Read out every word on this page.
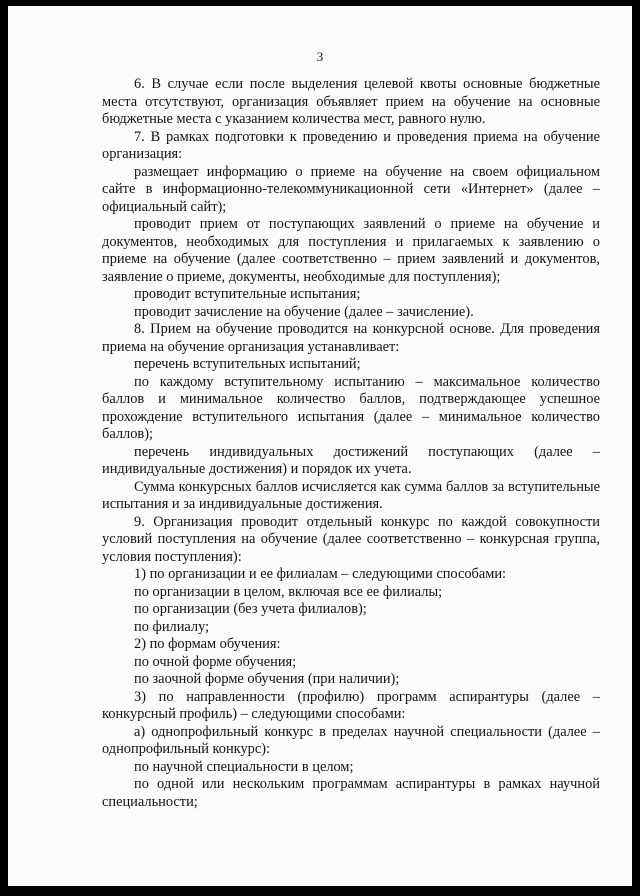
3

6. В случае если после выделения целевой квоты основные бюджетные места отсутствуют, организация объявляет прием на обучение на основные бюджетные места с указанием количества мест, равного нулю.

7. В рамках подготовки к проведению и проведения приема на обучение организация:

размещает информацию о приеме на обучение на своем официальном сайте в информационно-телекоммуникационной сети «Интернет» (далее – официальный сайт);

проводит прием от поступающих заявлений о приеме на обучение и документов, необходимых для поступления и прилагаемых к заявлению о приеме на обучение (далее соответственно – прием заявлений и документов, заявление о приеме, документы, необходимые для поступления);

проводит вступительные испытания;

проводит зачисление на обучение (далее – зачисление).

8. Прием на обучение проводится на конкурсной основе. Для проведения приема на обучение организация устанавливает:

перечень вступительных испытаний;

по каждому вступительному испытанию – максимальное количество баллов и минимальное количество баллов, подтверждающее успешное прохождение вступительного испытания (далее – минимальное количество баллов);

перечень индивидуальных достижений поступающих (далее – индивидуальные достижения) и порядок их учета.

Сумма конкурсных баллов исчисляется как сумма баллов за вступительные испытания и за индивидуальные достижения.

9. Организация проводит отдельный конкурс по каждой совокупности условий поступления на обучение (далее соответственно – конкурсная группа, условия поступления):

1) по организации и ее филиалам – следующими способами:

по организации в целом, включая все ее филиалы;

по организации (без учета филиалов);

по филиалу;

2) по формам обучения:

по очной форме обучения;

по заочной форме обучения (при наличии);

3) по направленности (профилю) программ аспирантуры (далее – конкурсный профиль) – следующими способами:

а) однопрофильный конкурс в пределах научной специальности (далее – однопрофильный конкурс):

по научной специальности в целом;

по одной или нескольким программам аспирантуры в рамках научной специальности;
